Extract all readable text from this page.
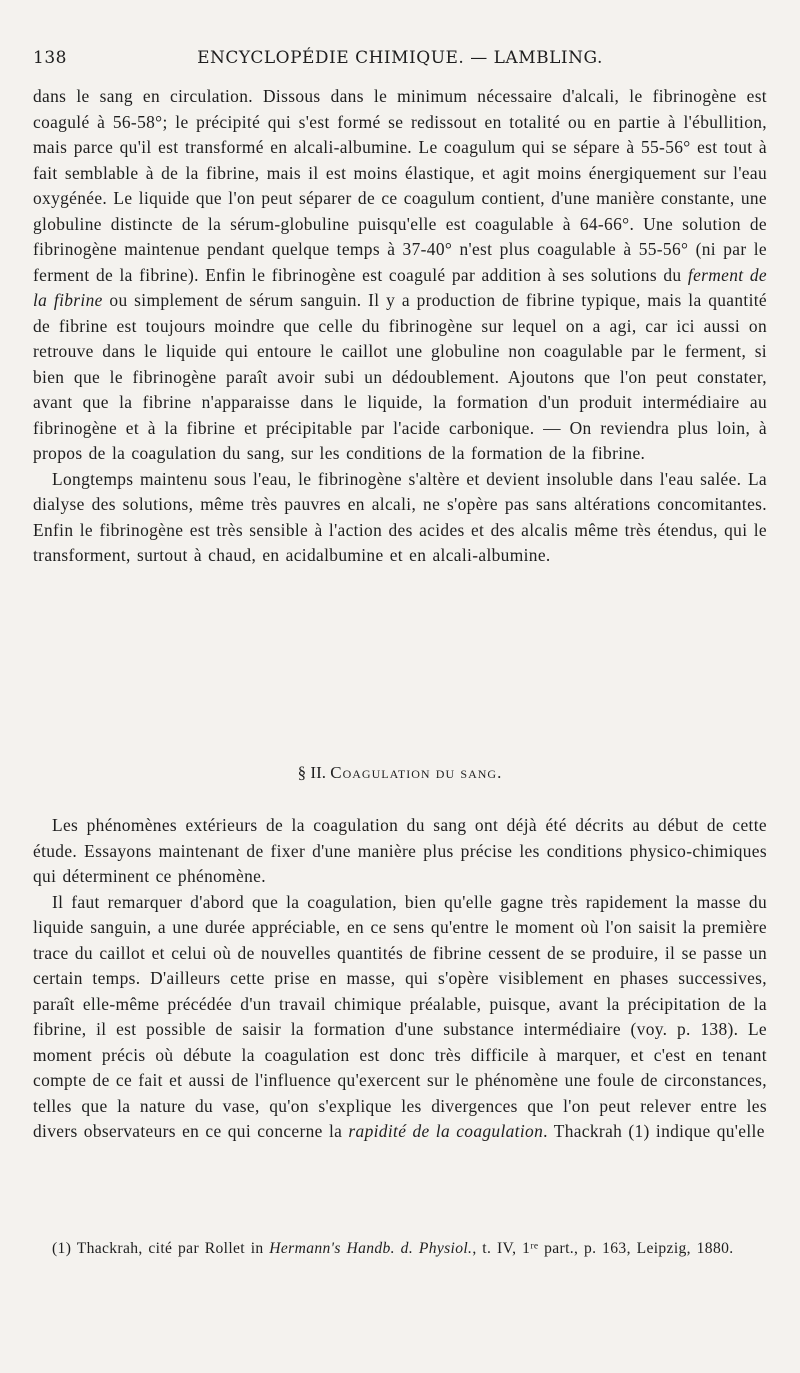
138	ENCYCLOPÉDIE CHIMIQUE. — LAMBLING.

dans le sang en circulation. Dissous dans le minimum nécessaire d'alcali, le fibrinogène est coagulé à 56-58°; le précipité qui s'est formé se redissout en totalité ou en partie à l'ébullition, mais parce qu'il est transformé en alcali-albumine. Le coagulum qui se sépare à 55-56° est tout à fait semblable à de la fibrine, mais il est moins élastique, et agit moins énergiquement sur l'eau oxygénée. Le liquide que l'on peut séparer de ce coagulum contient, d'une manière constante, une globuline distincte de la sérum-globuline puisqu'elle est coagulable à 64-66°. Une solution de fibrinogène maintenue pendant quelque temps à 37-40° n'est plus coagulable à 55-56° (ni par le ferment de la fibrine). Enfin le fibrinogène est coagulé par addition à ses solutions du ferment de la fibrine ou simplement de sérum sanguin. Il y a production de fibrine typique, mais la quantité de fibrine est toujours moindre que celle du fibrinogène sur lequel on a agi, car ici aussi on retrouve dans le liquide qui entoure le caillot une globuline non coagulable par le ferment, si bien que le fibrinogène paraît avoir subi un dédoublement. Ajoutons que l'on peut constater, avant que la fibrine n'apparaisse dans le liquide, la formation d'un produit intermédiaire au fibrinogène et à la fibrine et précipitable par l'acide carbonique. — On reviendra plus loin, à propos de la coagulation du sang, sur les conditions de la formation de la fibrine.

Longtemps maintenu sous l'eau, le fibrinogène s'altère et devient insoluble dans l'eau salée. La dialyse des solutions, même très pauvres en alcali, ne s'opère pas sans altérations concomitantes. Enfin le fibrinogène est très sensible à l'action des acides et des alcalis même très étendus, qui le transforment, surtout à chaud, en acidalbumine et en alcali-albumine.

§ II. Coagulation du sang.

Les phénomènes extérieurs de la coagulation du sang ont déjà été décrits au début de cette étude. Essayons maintenant de fixer d'une manière plus précise les conditions physico-chimiques qui déterminent ce phénomène.

Il faut remarquer d'abord que la coagulation, bien qu'elle gagne très rapidement la masse du liquide sanguin, a une durée appréciable, en ce sens qu'entre le moment où l'on saisit la première trace du caillot et celui où de nouvelles quantités de fibrine cessent de se produire, il se passe un certain temps. D'ailleurs cette prise en masse, qui s'opère visiblement en phases successives, paraît elle-même précédée d'un travail chimique préalable, puisque, avant la précipitation de la fibrine, il est possible de saisir la formation d'une substance intermédiaire (voy. p. 138). Le moment précis où débute la coagulation est donc très difficile à marquer, et c'est en tenant compte de ce fait et aussi de l'influence qu'exercent sur le phénomène une foule de circonstances, telles que la nature du vase, qu'on s'explique les divergences que l'on peut relever entre les divers observateurs en ce qui concerne la rapidité de la coagulation. Thackrah (1) indique qu'elle

(1) Thackrah, cité par Rollet in Hermann's Handb. d. Physiol., t. IV, 1ʳᵉ part., p. 163, Leipzig, 1880.
